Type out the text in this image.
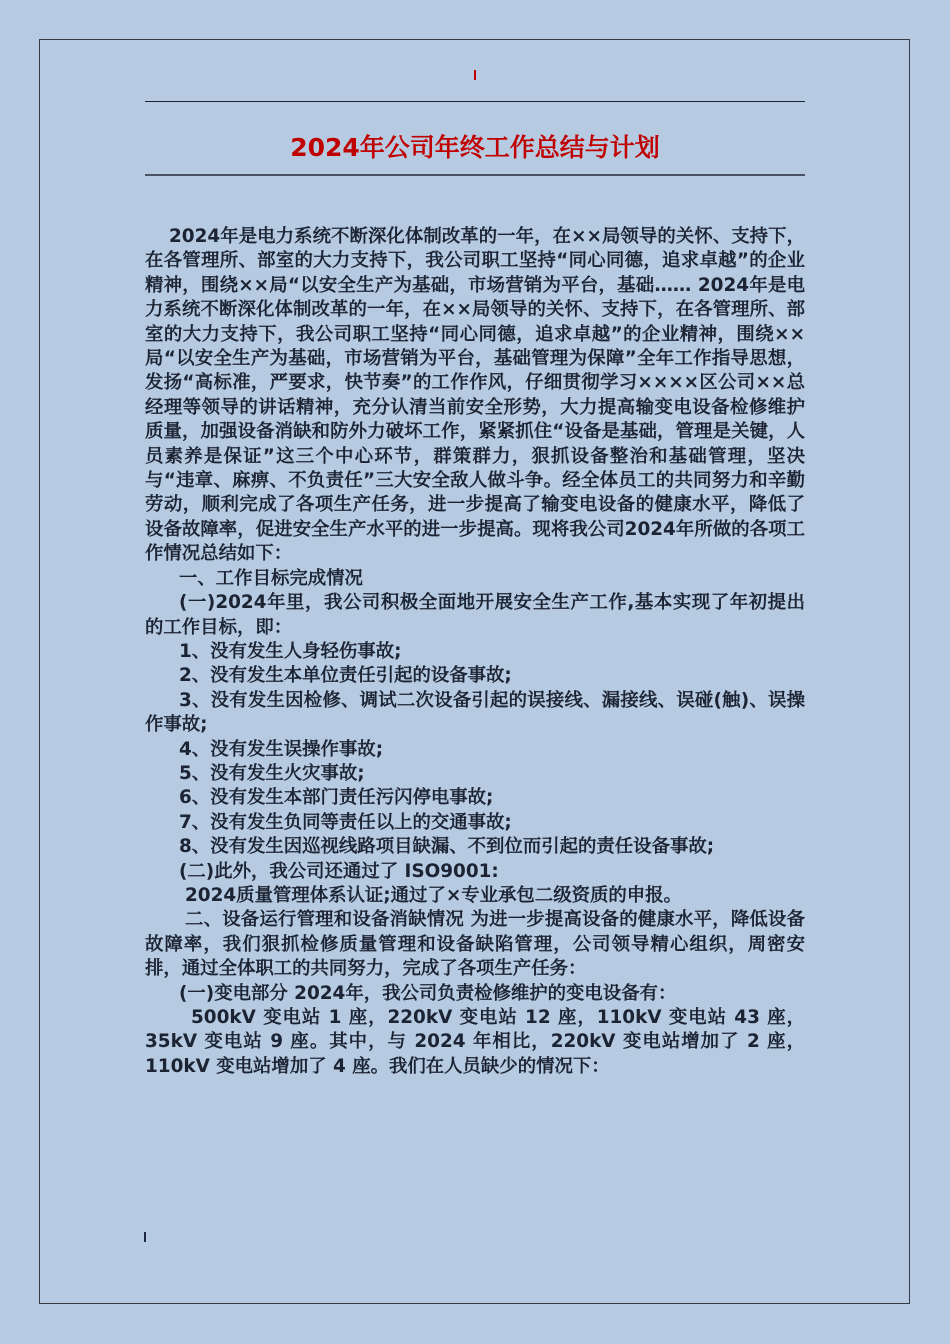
2024年公司年终工作总结与计划

2024年是电力系统不断深化体制改革的一年，在××局领导的关怀、支持下，在各管理所、部室的大力支持下，我公司职工坚持“同心同德，追求卓越”的企业精神，围绕××局“以安全生产为基础，市场营销为平台，基础…… 2024年是电力系统不断深化体制改革的一年，在××局领导的关怀、支持下，在各管理所、部室的大力支持下，我公司职工坚持“同心同德，追求卓越”的企业精神，围绕××局“以安全生产为基础，市场营销为平台，基础管理为保障”全年工作指导思想，发扬“高标准，严要求，快节奏”的工作作风，仔细贯彻学习××××区公司××总经理等领导的讲话精神，充分认清当前安全形势，大力提高输变电设备检修维护质量，加强设备消缺和防外力破坏工作，紧紧抓住“设备是基础，管理是关键，人员素养是保证”这三个中心环节，群策群力，狠抓设备整治和基础管理，坚决与“违章、麻痹、不负责任”三大安全敌人做斗争。经全体员工的共同努力和辛勤劳动，顺利完成了各项生产任务，进一步提高了输变电设备的健康水平，降低了设备故障率，促进安全生产水平的进一步提高。现将我公司2024年所做的各项工作情况总结如下：

一、工作目标完成情况

(一)2024年里，我公司积极全面地开展安全生产工作,基本实现了年初提出的工作目标，即：

1、没有发生人身轻伤事故;

2、没有发生本单位责任引起的设备事故;

3、没有发生因检修、调试二次设备引起的误接线、漏接线、误碰(触)、误操作事故;

4、没有发生误操作事故;

5、没有发生火灾事故;

6、没有发生本部门责任污闪停电事故;

7、没有发生负同等责任以上的交通事故;

8、没有发生因巡视线路项目缺漏、不到位而引起的责任设备事故;

(二)此外，我公司还通过了 ISO9001:

2024质量管理体系认证;通过了×专业承包二级资质的申报。

二、设备运行管理和设备消缺情况 为进一步提高设备的健康水平，降低设备故障率，我们狠抓检修质量管理和设备缺陷管理，公司领导精心组织，周密安排，通过全体职工的共同努力，完成了各项生产任务：

(一)变电部分 2024年，我公司负责检修维护的变电设备有：

500kV 变电站 1 座，220kV 变电站 12 座，110kV 变电站 43 座，35kV 变电站 9 座。其中，与 2024 年相比，220kV 变电站增加了 2 座，110kV 变电站增加了 4 座。我们在人员缺少的情况下：
